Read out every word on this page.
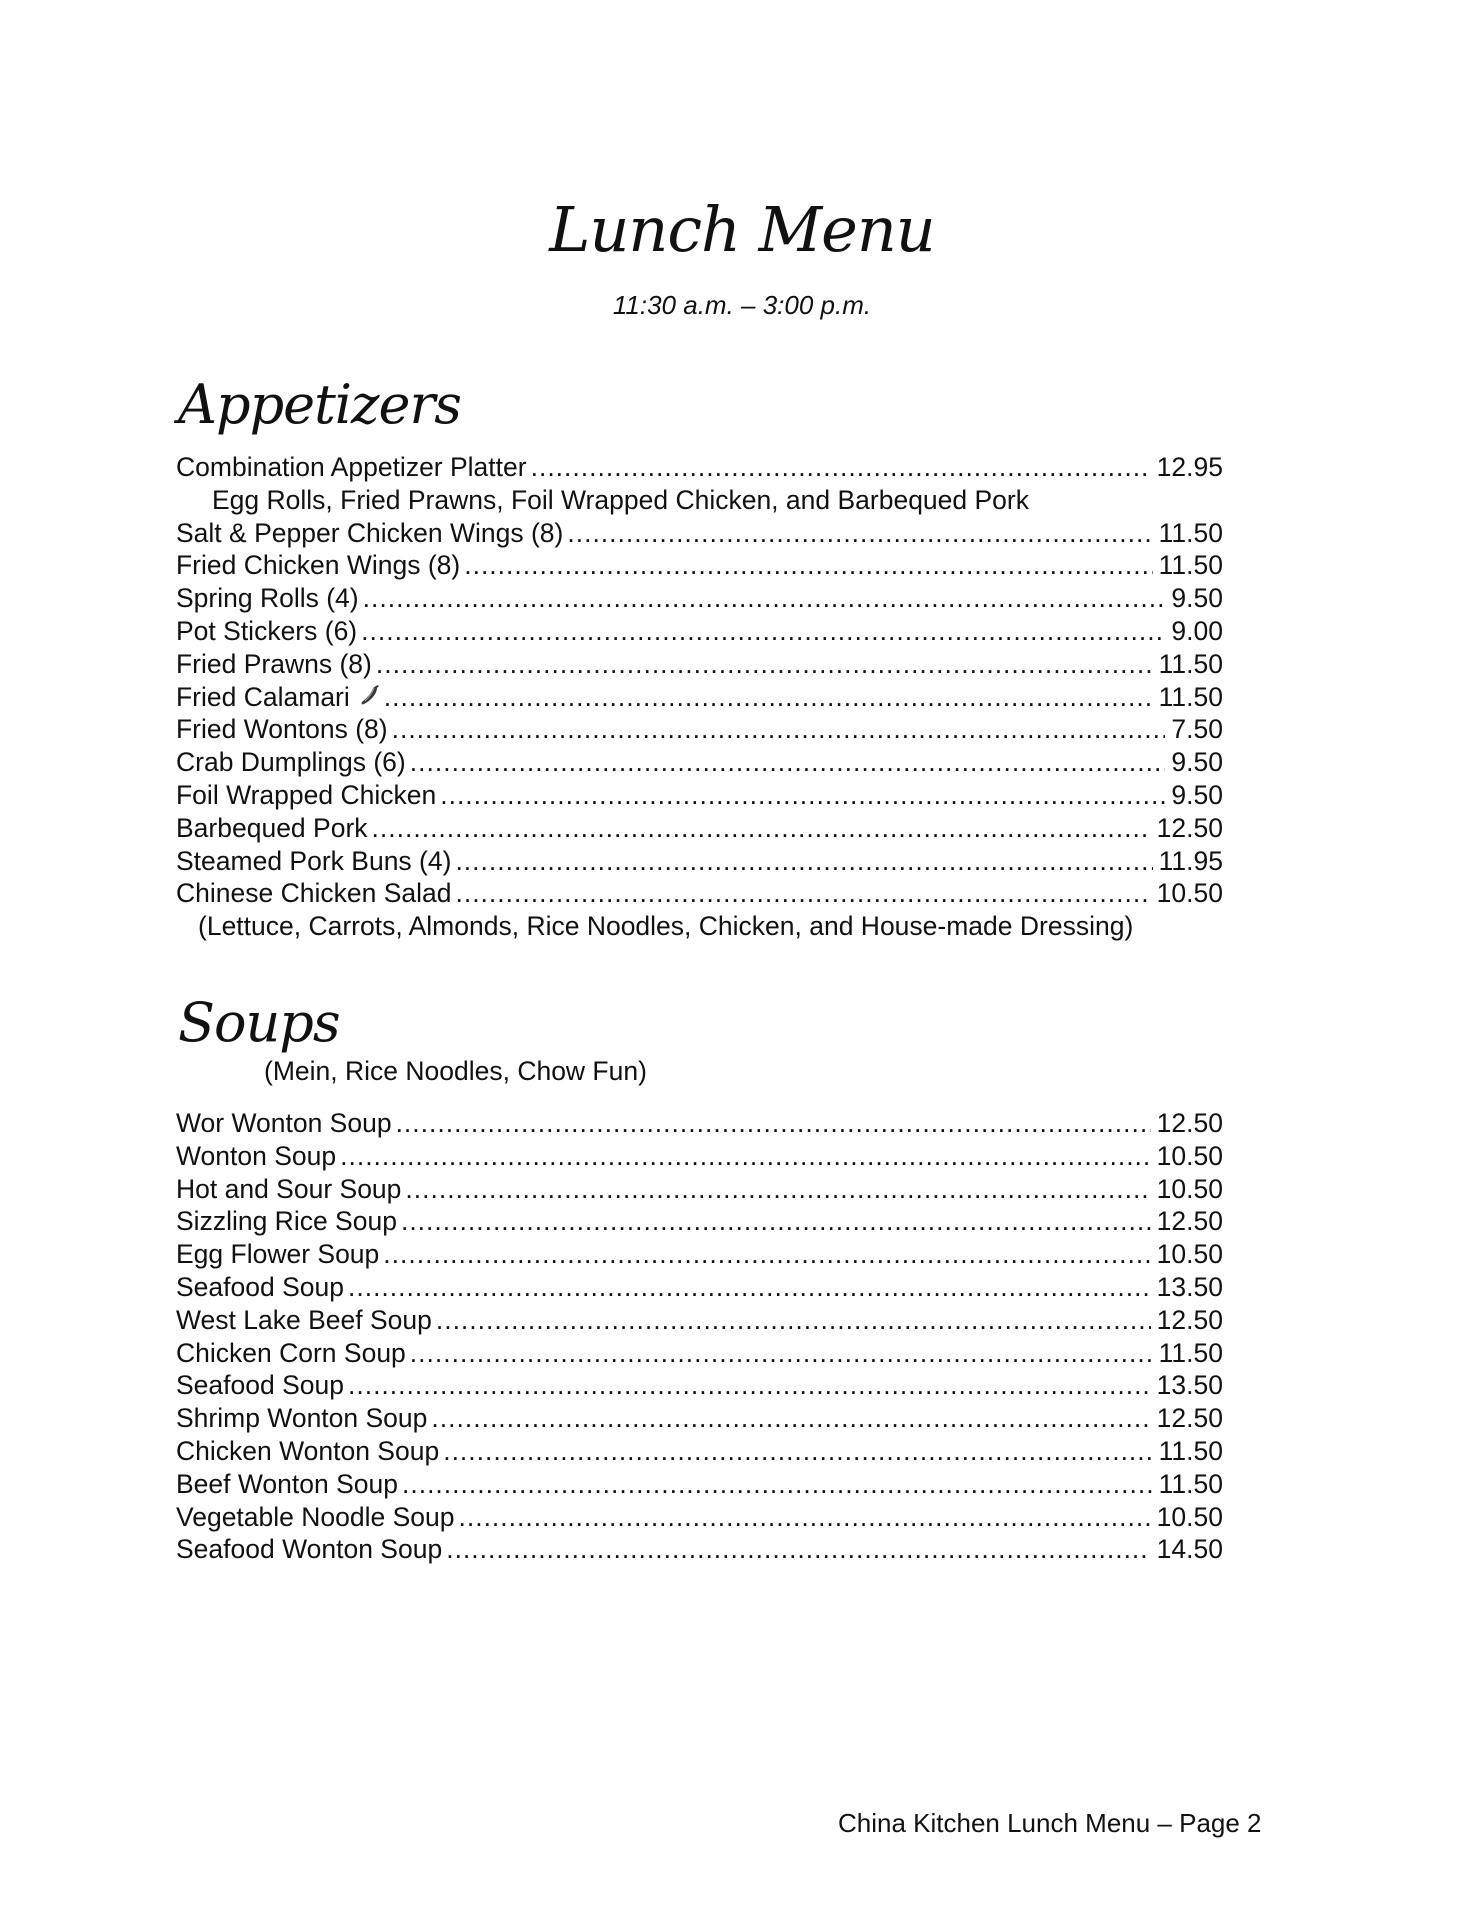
Lunch Menu
11:30 a.m. – 3:00 p.m.
Appetizers
Combination Appetizer Platter .....	12.95
Egg Rolls, Fried Prawns, Foil Wrapped Chicken, and Barbequed Pork
Salt & Pepper Chicken Wings (8) .....	11.50
Fried Chicken Wings (8) .....	11.50
Spring Rolls (4) .....	9.50
Pot Stickers (6) .....	9.00
Fried Prawns (8) .....	11.50
Fried Calamari .....	11.50
Fried Wontons (8) .....	7.50
Crab Dumplings (6) .....	9.50
Foil Wrapped Chicken .....	9.50
Barbequed Pork .....	12.50
Steamed Pork Buns (4) .....	11.95
Chinese Chicken Salad .....	10.50
(Lettuce, Carrots, Almonds, Rice Noodles, Chicken, and House-made Dressing)
Soups
(Mein, Rice Noodles, Chow Fun)
Wor Wonton Soup .....	12.50
Wonton Soup .....	10.50
Hot and Sour Soup .....	10.50
Sizzling Rice Soup .....	12.50
Egg Flower Soup .....	10.50
Seafood Soup .....	13.50
West Lake Beef Soup .....	12.50
Chicken Corn Soup .....	11.50
Seafood Soup .....	13.50
Shrimp Wonton Soup .....	12.50
Chicken Wonton Soup .....	11.50
Beef Wonton Soup .....	11.50
Vegetable Noodle Soup .....	10.50
Seafood Wonton Soup .....	14.50
China Kitchen Lunch Menu – Page 2
